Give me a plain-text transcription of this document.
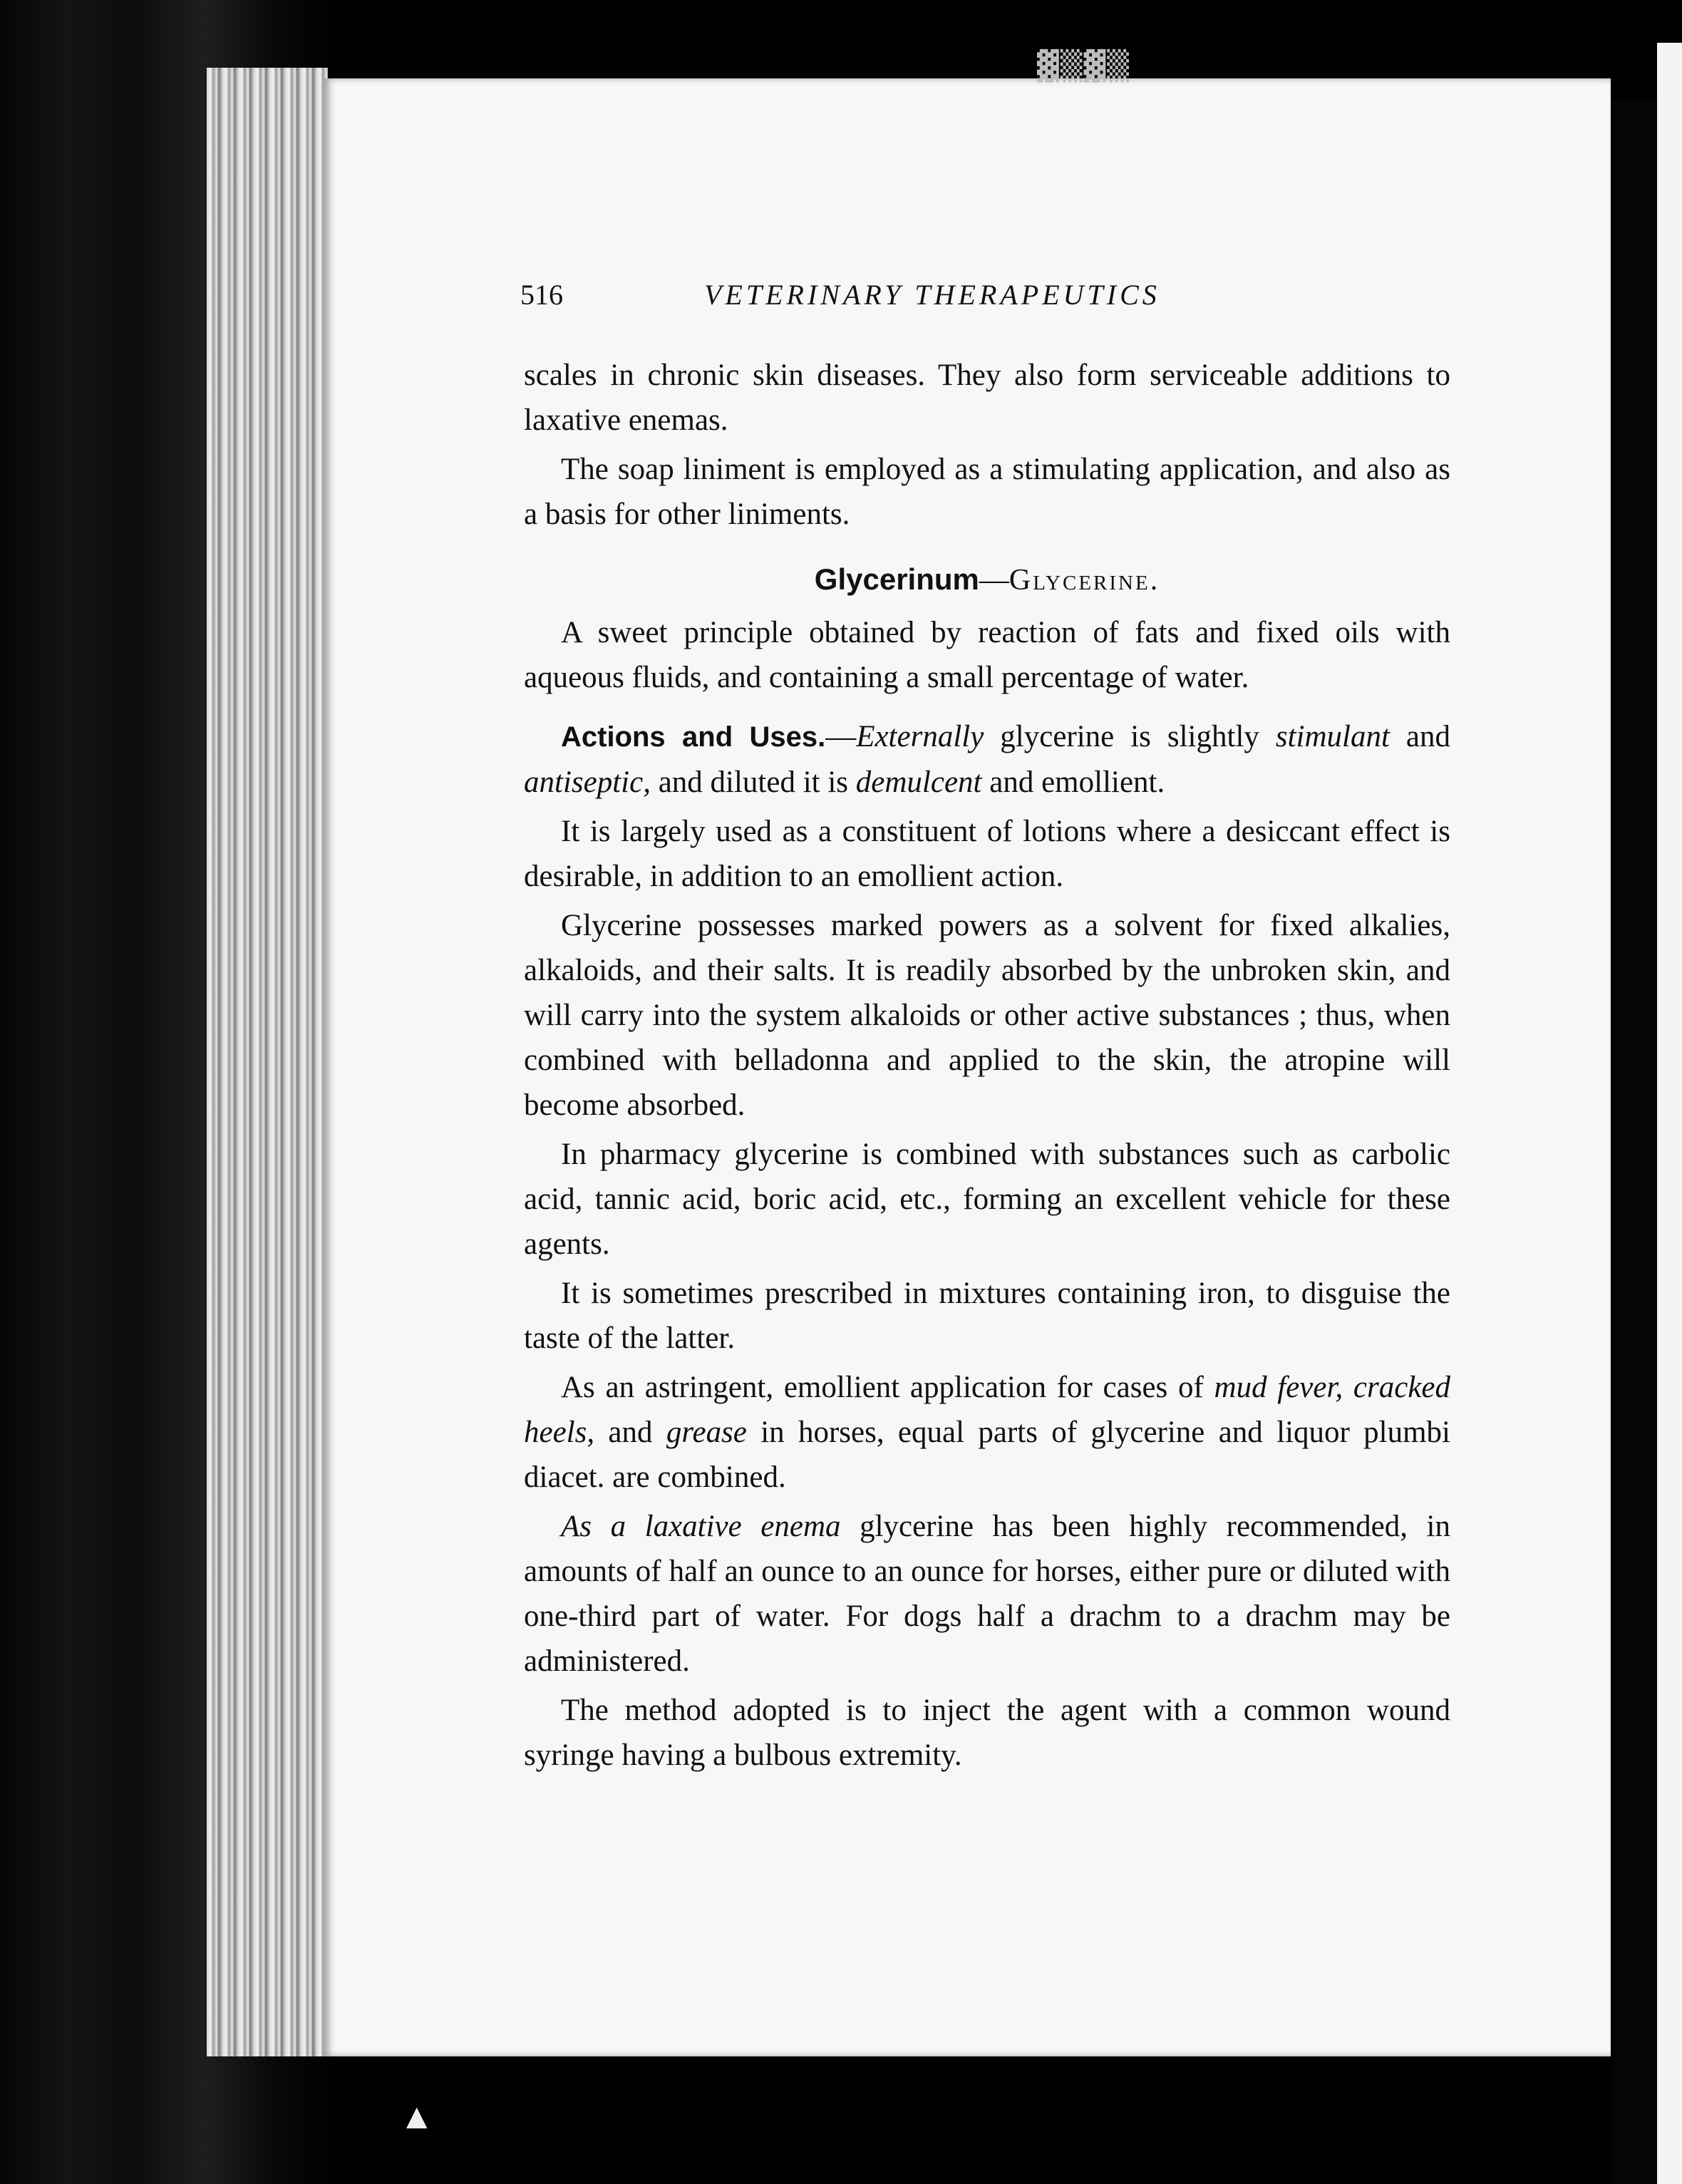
▓▒▓▒
▲
516	VETERINARY THERAPEUTICS

scales in chronic skin diseases. They also form serviceable additions to laxative enemas.

The soap liniment is employed as a stimulating application, and also as a basis for other liniments.

Glycerinum—Glycerine.

A sweet principle obtained by reaction of fats and fixed oils with aqueous fluids, and containing a small percentage of water.

Actions and Uses.—Externally glycerine is slightly stimulant and antiseptic, and diluted it is demulcent and emollient.

It is largely used as a constituent of lotions where a desiccant effect is desirable, in addition to an emollient action.

Glycerine possesses marked powers as a solvent for fixed alkalies, alkaloids, and their salts. It is readily absorbed by the unbroken skin, and will carry into the system alkaloids or other active substances ; thus, when combined with belladonna and applied to the skin, the atropine will become absorbed.

In pharmacy glycerine is combined with substances such as carbolic acid, tannic acid, boric acid, etc., forming an excellent vehicle for these agents.

It is sometimes prescribed in mixtures containing iron, to disguise the taste of the latter.

As an astringent, emollient application for cases of mud fever, cracked heels, and grease in horses, equal parts of glycerine and liquor plumbi diacet. are combined.

As a laxative enema glycerine has been highly recommended, in amounts of half an ounce to an ounce for horses, either pure or diluted with one-third part of water. For dogs half a drachm to a drachm may be administered.

The method adopted is to inject the agent with a common wound syringe having a bulbous extremity.
